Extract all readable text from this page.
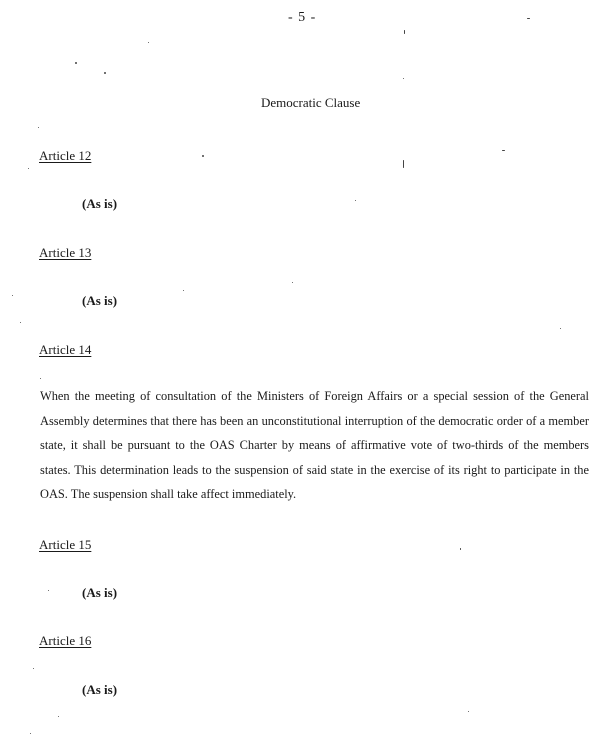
- 5 -
Democratic Clause
Article 12
(As is)
Article 13
(As is)
Article 14

When the meeting of consultation of the Ministers of Foreign Affairs or a special session of the General Assembly determines that there has been an unconstitutional interruption of the democratic order of a member state, it shall be pursuant to the OAS Charter by means of affirmative vote of two-thirds of the members states. This determination leads to the suspension of said state in the exercise of its right to participate in the OAS. The suspension shall take affect immediately.

Article 15
(As is)
Article 16
(As is)
